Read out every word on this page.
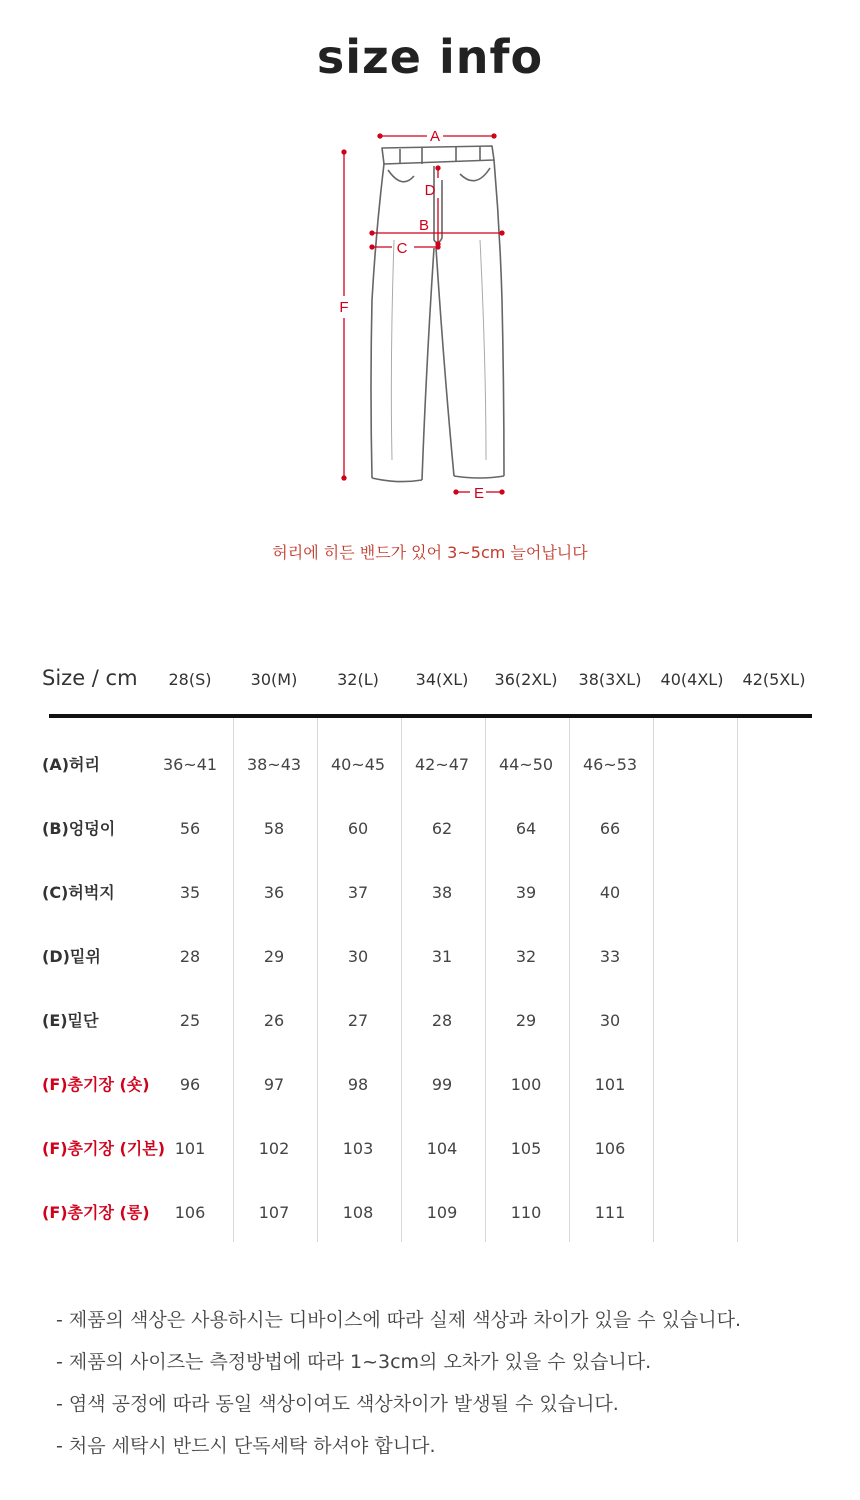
size info
A
D
B
C
F
E
허리에 히든 밴드가 있어 3~5cm 늘어납니다
Size / cm	28(S)	30(M)	32(L)	34(XL)	36(2XL)	38(3XL)	40(4XL)	42(5XL)
(A)허리	36~41	38~43	40~45	42~47	44~50	46~53
(B)엉덩이	56	58	60	62	64	66
(C)허벅지	35	36	37	38	39	40
(D)밑위	28	29	30	31	32	33
(E)밑단	25	26	27	28	29	30
(F)총기장 (숏)	96	97	98	99	100	101
(F)총기장 (기본) 101	102	103	104	105	106
(F)총기장 (롱)	106	107	108	109	110	111
- 제품의 색상은 사용하시는 디바이스에 따라 실제 색상과 차이가 있을 수 있습니다.
- 제품의 사이즈는 측정방법에 따라 1~3cm의 오차가 있을 수 있습니다.
- 염색 공정에 따라 동일 색상이여도 색상차이가 발생될 수 있습니다.
- 처음 세탁시 반드시 단독세탁 하셔야 합니다.
